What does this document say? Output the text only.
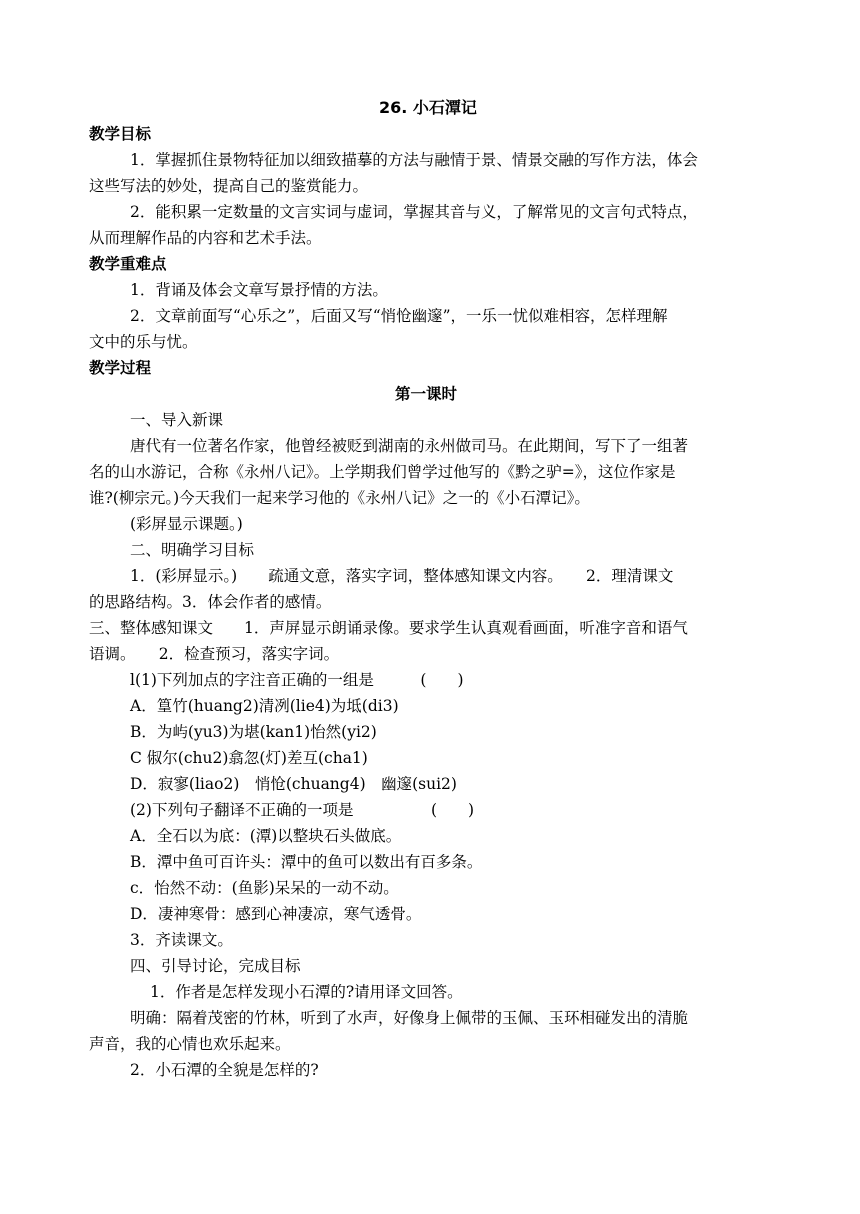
26. 小石潭记
教学目标
1．掌握抓住景物特征加以细致描摹的方法与融情于景、情景交融的写作方法，体会
这些写法的妙处，提高自己的鉴赏能力。
2．能积累一定数量的文言实词与虚词，掌握其音与义，了解常见的文言句式特点，
从而理解作品的内容和艺术手法。
教学重难点
1．背诵及体会文章写景抒情的方法。
2．文章前面写“心乐之”，后面又写“悄怆幽邃”，一乐一忧似难相容，怎样理解
文中的乐与忧。
教学过程
第一课时
一、导入新课
唐代有一位著名作家，他曾经被贬到湖南的永州做司马。在此期间，写下了一组著
名的山水游记，合称《永州八记》。上学期我们曾学过他写的《黔之驴=》，这位作家是
谁?(柳宗元。)今天我们一起来学习他的《永州八记》之一的《小石潭记》。
(彩屏显示课题。)
二、明确学习目标
1．(彩屏显示。)　　疏通文意，落实字词，整体感知课文内容。　　2．理清课文
的思路结构。3．体会作者的感情。
三、整体感知课文　　1．声屏显示朗诵录像。要求学生认真观看画面，听准字音和语气
语调。　　2．检查预习，落实字词。
l(1)下列加点的字注音正确的一组是　　　(　　)
A．篁竹(huang2)清冽(lie4)为坻(di3)
B．为屿(yu3)为堪(kan1)怡然(yi2)
C 俶尔(chu2)翕忽(灯)差互(cha1)
D．寂寥(liao2)　悄怆(chuang4)　幽邃(sui2)
(2)下列句子翻译不正确的一项是　　　　　(　　)
A．全石以为底：(潭)以整块石头做底。
B．潭中鱼可百许头：潭中的鱼可以数出有百多条。
c．怡然不动：(鱼影)呆呆的一动不动。
D．凄神寒骨：感到心神凄凉，寒气透骨。
3．齐读课文。
四、引导讨论，完成目标
1．作者是怎样发现小石潭的?请用译文回答。
明确：隔着茂密的竹林，听到了水声，好像身上佩带的玉佩、玉环相碰发出的清脆
声音，我的心情也欢乐起来。
2．小石潭的全貌是怎样的?
